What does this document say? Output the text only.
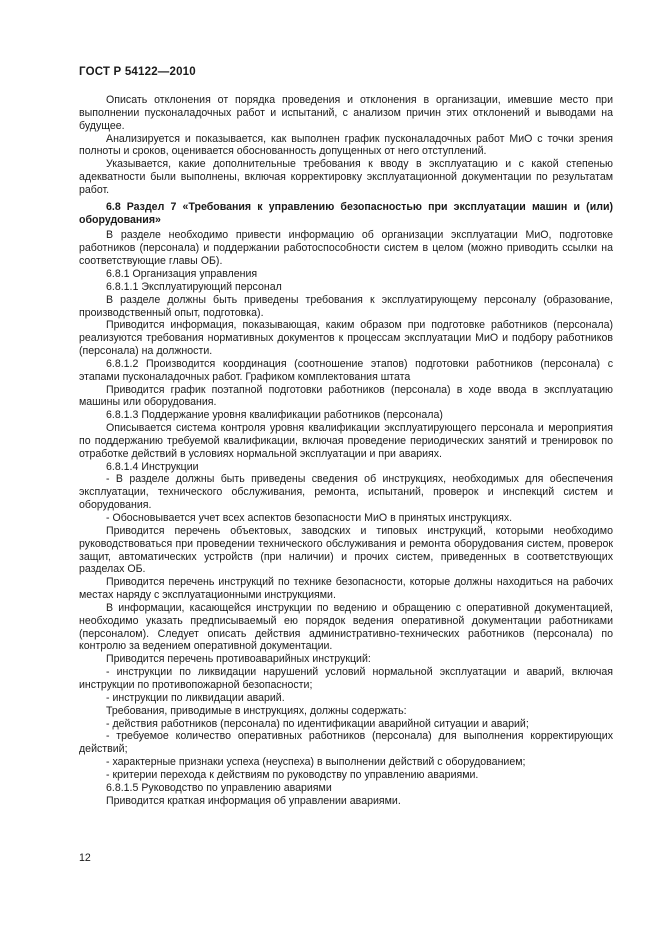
ГОСТ Р 54122—2010

Описать отклонения от порядка проведения и отклонения в организации, имевшие место при выполнении пусконаладочных работ и испытаний, с анализом причин этих отклонений и выводами на будущее.

Анализируется и показывается, как выполнен график пусконаладочных работ МиО с точки зрения полноты и сроков, оценивается обоснованность допущенных от него отступлений.

Указывается, какие дополнительные требования к вводу в эксплуатацию и с какой степенью адекватности были выполнены, включая корректировку эксплуатационной документации по результатам работ.

6.8 Раздел 7 «Требования к управлению безопасностью при эксплуатации машин и (или) оборудования»

В разделе необходимо привести информацию об организации эксплуатации МиО, подготовке работников (персонала) и поддержании работоспособности систем в целом (можно приводить ссылки на соответствующие главы ОБ).

6.8.1 Организация управления

6.8.1.1 Эксплуатирующий персонал

В разделе должны быть приведены требования к эксплуатирующему персоналу (образование, производственный опыт, подготовка).

Приводится информация, показывающая, каким образом при подготовке работников (персонала) реализуются требования нормативных документов к процессам эксплуатации МиО и подбору работников (персонала) на должности.

6.8.1.2 Производится координация (соотношение этапов) подготовки работников (персонала) с этапами пусконаладочных работ. Графиком комплектования штата

Приводится график поэтапной подготовки работников (персонала) в ходе ввода в эксплуатацию машины или оборудования.

6.8.1.3 Поддержание уровня квалификации работников (персонала)

Описывается система контроля уровня квалификации эксплуатирующего персонала и мероприятия по поддержанию требуемой квалификации, включая проведение периодических занятий и тренировок по отработке действий в условиях нормальной эксплуатации и при авариях.

6.8.1.4 Инструкции

- В разделе должны быть приведены сведения об инструкциях, необходимых для обеспечения эксплуатации, технического обслуживания, ремонта, испытаний, проверок и инспекций систем и оборудования.

- Обосновывается учет всех аспектов безопасности МиО в принятых инструкциях.

Приводится перечень объектовых, заводских и типовых инструкций, которыми необходимо руководствоваться при проведении технического обслуживания и ремонта оборудования систем, проверок защит, автоматических устройств (при наличии) и прочих систем, приведенных в соответствующих разделах ОБ.

Приводится перечень инструкций по технике безопасности, которые должны находиться на рабочих местах наряду с эксплуатационными инструкциями.

В информации, касающейся инструкции по ведению и обращению с оперативной документацией, необходимо указать предписываемый ею порядок ведения оперативной документации работниками (персоналом). Следует описать действия административно-технических работников (персонала) по контролю за ведением оперативной документации.

Приводится перечень противоаварийных инструкций:

- инструкции по ликвидации нарушений условий нормальной эксплуатации и аварий, включая инструкции по противопожарной безопасности;

- инструкции по ликвидации аварий.

Требования, приводимые в инструкциях, должны содержать:

- действия работников (персонала) по идентификации аварийной ситуации и аварий;

- требуемое количество оперативных работников (персонала) для выполнения корректирующих действий;

- характерные признаки успеха (неуспеха) в выполнении действий с оборудованием;

- критерии перехода к действиям по руководству по управлению авариями.

6.8.1.5 Руководство по управлению авариями

Приводится краткая информация об управлении авариями.

12
